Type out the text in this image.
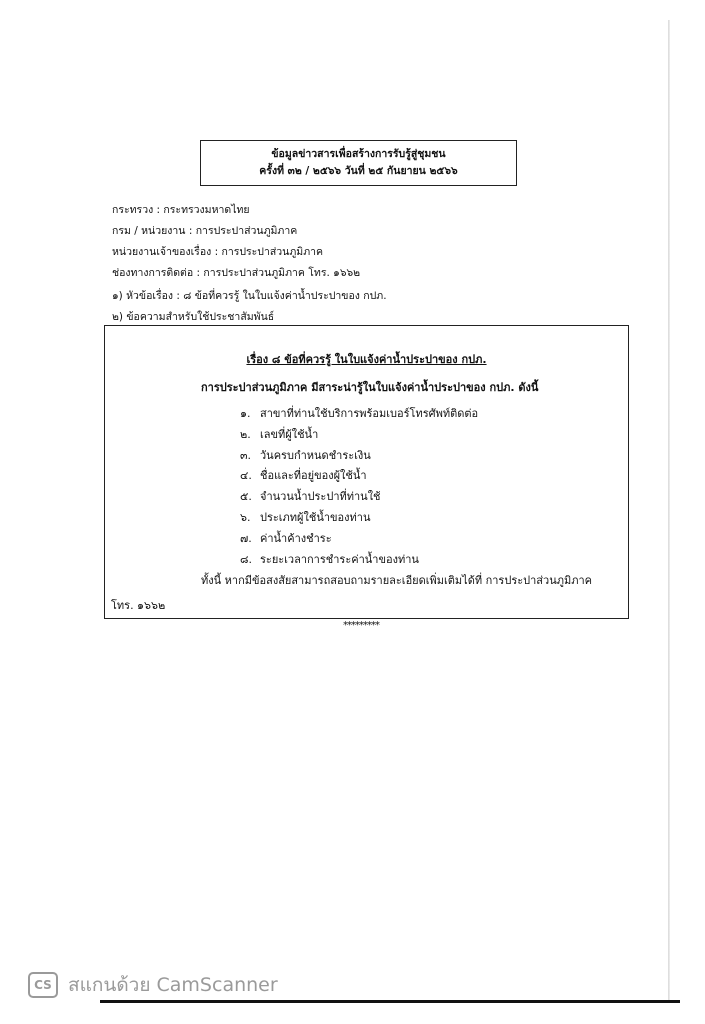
ข้อมูลข่าวสารเพื่อสร้างการรับรู้สู่ชุมชน
ครั้งที่ ๓๒ / ๒๕๖๖ วันที่ ๒๕ กันยายน ๒๕๖๖
กระทรวง : กระทรวงมหาดไทย
กรม / หน่วยงาน : การประปาส่วนภูมิภาค
หน่วยงานเจ้าของเรื่อง : การประปาส่วนภูมิภาค
ช่องทางการติดต่อ : การประปาส่วนภูมิภาค โทร. ๑๖๖๒
๑) หัวข้อเรื่อง : ๘ ข้อที่ควรรู้ ในใบแจ้งค่าน้ำประปาของ กปภ.
๒) ข้อความสำหรับใช้ประชาสัมพันธ์
เรื่อง ๘ ข้อที่ควรรู้ ในใบแจ้งค่าน้ำประปาของ กปภ.
การประปาส่วนภูมิภาค มีสาระน่ารู้ในใบแจ้งค่าน้ำประปาของ กปภ. ดังนี้
๑. สาขาที่ท่านใช้บริการพร้อมเบอร์โทรศัพท์ติดต่อ
๒. เลขที่ผู้ใช้น้ำ
๓. วันครบกำหนดชำระเงิน
๔. ชื่อและที่อยู่ของผู้ใช้น้ำ
๕. จำนวนน้ำประปาที่ท่านใช้
๖. ประเภทผู้ใช้น้ำของท่าน
๗. ค่าน้ำค้างชำระ
๘. ระยะเวลาการชำระค่าน้ำของท่าน
ทั้งนี้ หากมีข้อสงสัยสามารถสอบถามรายละเอียดเพิ่มเติมได้ที่ การประปาส่วนภูมิภาค
โทร. ๑๖๖๒
*********
CS สแกนด้วย CamScanner
